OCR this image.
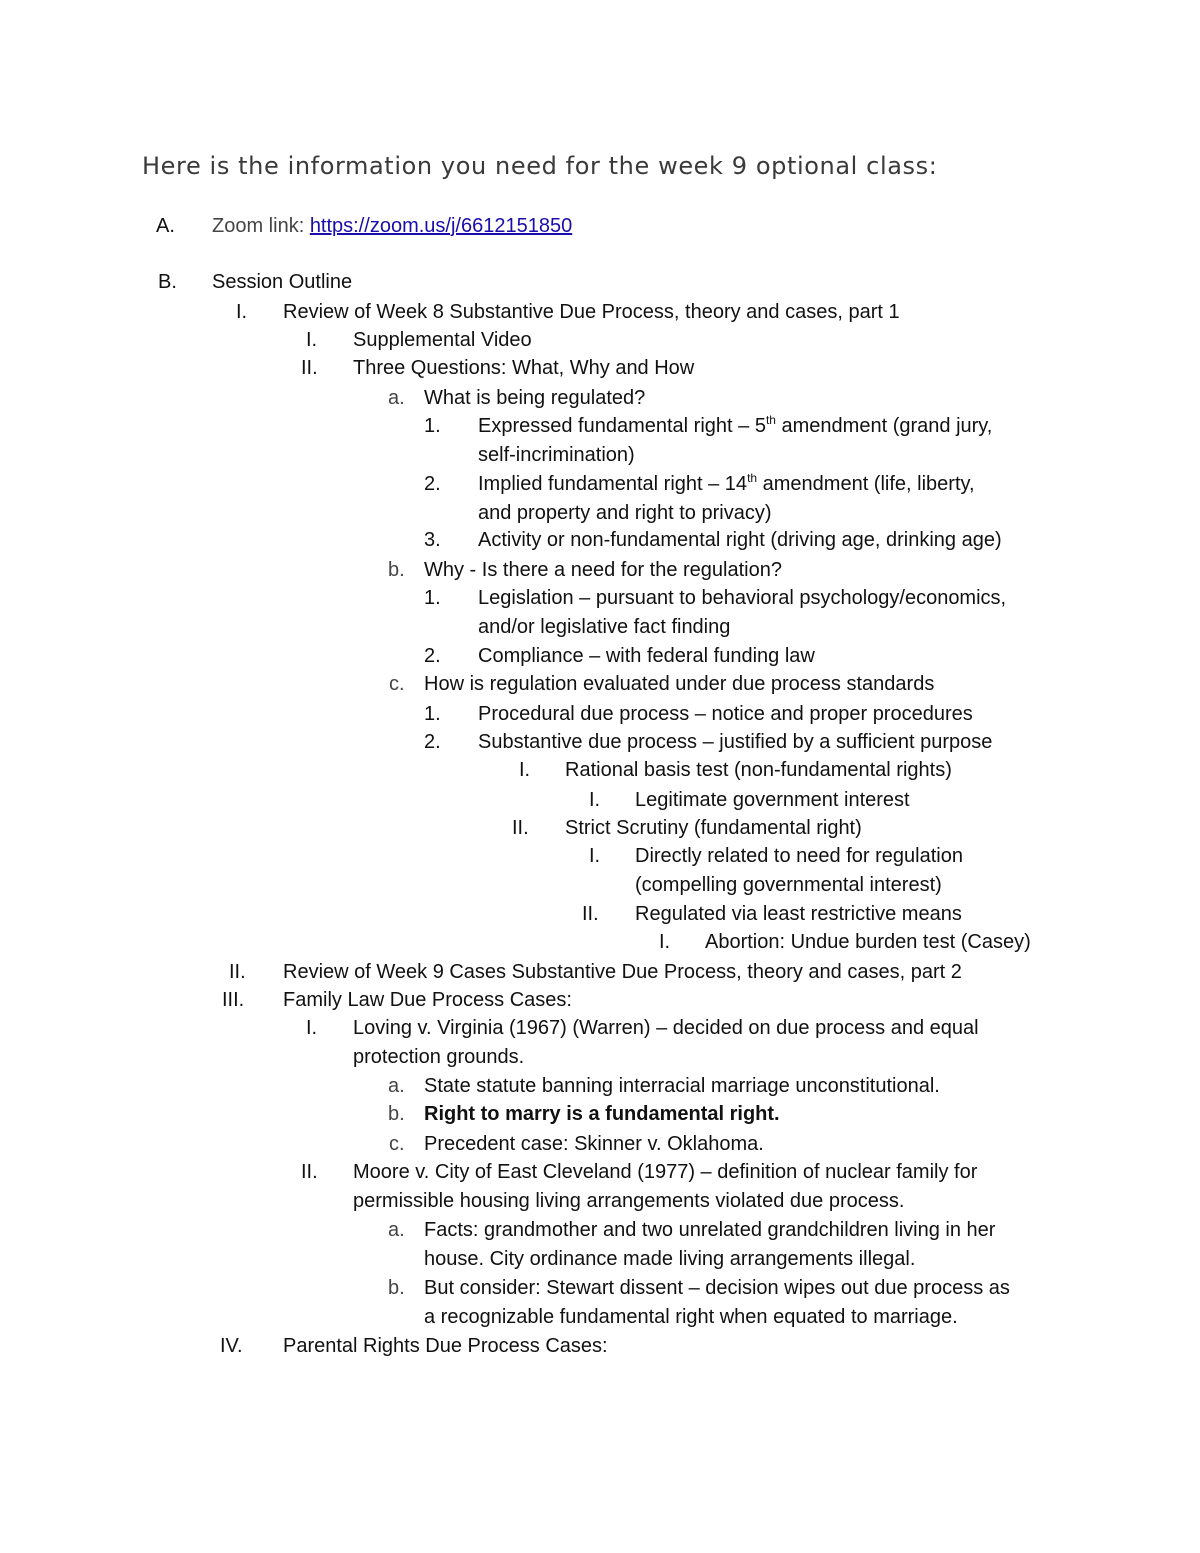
Here is the information you need for the week 9 optional class:
A. Zoom link: https://zoom.us/j/6612151850
B. Session Outline
I. Review of Week 8 Substantive Due Process, theory and cases, part 1
I. Supplemental Video
II. Three Questions: What, Why and How
a. What is being regulated?
1. Expressed fundamental right – 5th amendment (grand jury,
self-incrimination)
2. Implied fundamental right – 14th amendment (life, liberty,
and property and right to privacy)
3. Activity or non-fundamental right (driving age, drinking age)
b. Why - Is there a need for the regulation?
1. Legislation – pursuant to behavioral psychology/economics,
and/or legislative fact finding
2. Compliance – with federal funding law
c. How is regulation evaluated under due process standards
1. Procedural due process – notice and proper procedures
2. Substantive due process – justified by a sufficient purpose
I. Rational basis test (non-fundamental rights)
I. Legitimate government interest
II. Strict Scrutiny (fundamental right)
I. Directly related to need for regulation
(compelling governmental interest)
II. Regulated via least restrictive means
I. Abortion: Undue burden test (Casey)
II. Review of Week 9 Cases Substantive Due Process, theory and cases, part 2
III. Family Law Due Process Cases:
I. Loving v. Virginia (1967) (Warren) – decided on due process and equal
protection grounds.
a. State statute banning interracial marriage unconstitutional.
b. Right to marry is a fundamental right.
c. Precedent case: Skinner v. Oklahoma.
II. Moore v. City of East Cleveland (1977) – definition of nuclear family for
permissible housing living arrangements violated due process.
a. Facts: grandmother and two unrelated grandchildren living in her
house. City ordinance made living arrangements illegal.
b. But consider: Stewart dissent – decision wipes out due process as
a recognizable fundamental right when equated to marriage.
IV. Parental Rights Due Process Cases:
